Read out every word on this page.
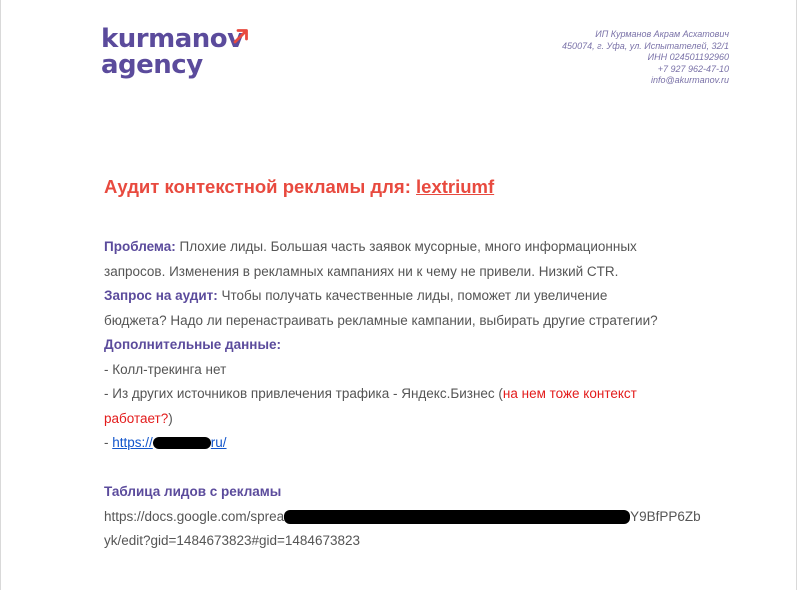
kurmanov
agency
ИП Курманов Акрам Асхатович
450074, г. Уфа, ул. Испытателей, 32/1
ИНН 024501192960
+7 927 962-47-10
info@akurmanov.ru
Аудит контекстной рекламы для: lextriumf
Проблема: Плохие лиды. Большая часть заявок мусорные, много информационных
запросов. Изменения в рекламных кампаниях ни к чему не привели. Низкий CTR.
Запрос на аудит: Чтобы получать качественные лиды, поможет ли увеличение
бюджета? Надо ли перенастраивать рекламные кампании, выбирать другие стратегии?
Дополнительные данные:
- Колл-трекинга нет
- Из других источников привлечения трафика - Яндекс.Бизнес (на нем тоже контекст
работает?)
- https://	ru/
Таблица лидов с рекламы
https://docs.google.com/sprea	Y9BfPP6Zb
yk/edit?gid=1484673823#gid=1484673823
